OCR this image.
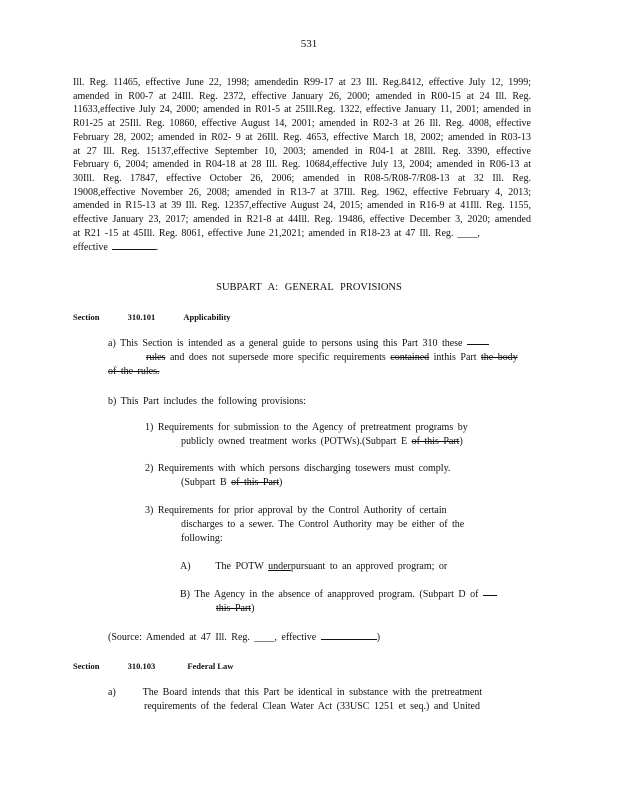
531
Ill. Reg. 11465, effective June 22, 1998; amendedin R99-17 at 23 Ill. Reg.8412, effective July 12, 1999; amended in R00-7 at 24Ill. Reg. 2372, effective January 26, 2000; amended in R00-15 at 24 Ill. Reg. 11633,effective July 24, 2000; amended in R01-5 at 25Ill.Reg. 1322, effective January 11, 2001; amended in R01-25 at 25Ill. Reg. 10860, effective August 14, 2001; amended in R02-3 at 26 Ill. Reg. 4008, effective February 28, 2002; amended in R02- 9 at 26Ill. Reg. 4653, effective March 18, 2002; amended in R03-13 at 27 Ill. Reg. 15137,effective September 10, 2003; amended in R04-1 at 28Ill. Reg. 3390, effective February 6, 2004; amended in R04-18 at 28 Ill. Reg. 10684,effective July 13, 2004; amended in R06-13 at 30Ill. Reg. 17847, effective October 26, 2006; amended in R08-5/R08-7/R08-13 at 32 Ill. Reg. 19008,effective November 26, 2008; amended in R13-7 at 37Ill. Reg. 1962, effective February 4, 2013; amended in R15-13 at 39 Ill. Reg. 12357,effective August 24, 2015; amended in R16-9 at 41Ill. Reg. 1155, effective January 23, 2017; amended in R21-8 at 44Ill. Reg. 19486, effective December 3, 2020; amended at R21 -15 at 45Ill. Reg. 8061, effective June 21,2021; amended in R18-23 at 47 Ill. Reg. ____,
effective	.
SUBPART A: GENERAL PROVISIONS
Section	310.101	Applicability
a) This Section is intended as a general guide to persons using this Part 310 these
rules and does not supersede more specific requirements contained inthis Part the body of the rules.
b) This Part includes the following provisions:
1) Requirements for submission to the Agency of pretreatment programs by
publicly owned treatment works (POTWs).(Subpart E of this Part)
2) Requirements with which persons discharging tosewers must comply.
(Subpart B of this Part)
3) Requirements for prior approval by the Control Authority of certain
discharges to a sewer. The Control Authority may be either of the
following:
A) The POTW underpursuant to an approved program; or
B) The Agency in the absence of anapproved program. (Subpart D of
this Part)
(Source: Amended at 47 Ill. Reg. ____, effective	)
Section	310.103	Federal Law
a)	The Board intends that this Part be identical in substance with the pretreatment
requirements of the federal Clean Water Act (33USC 1251 et seq.) and United
